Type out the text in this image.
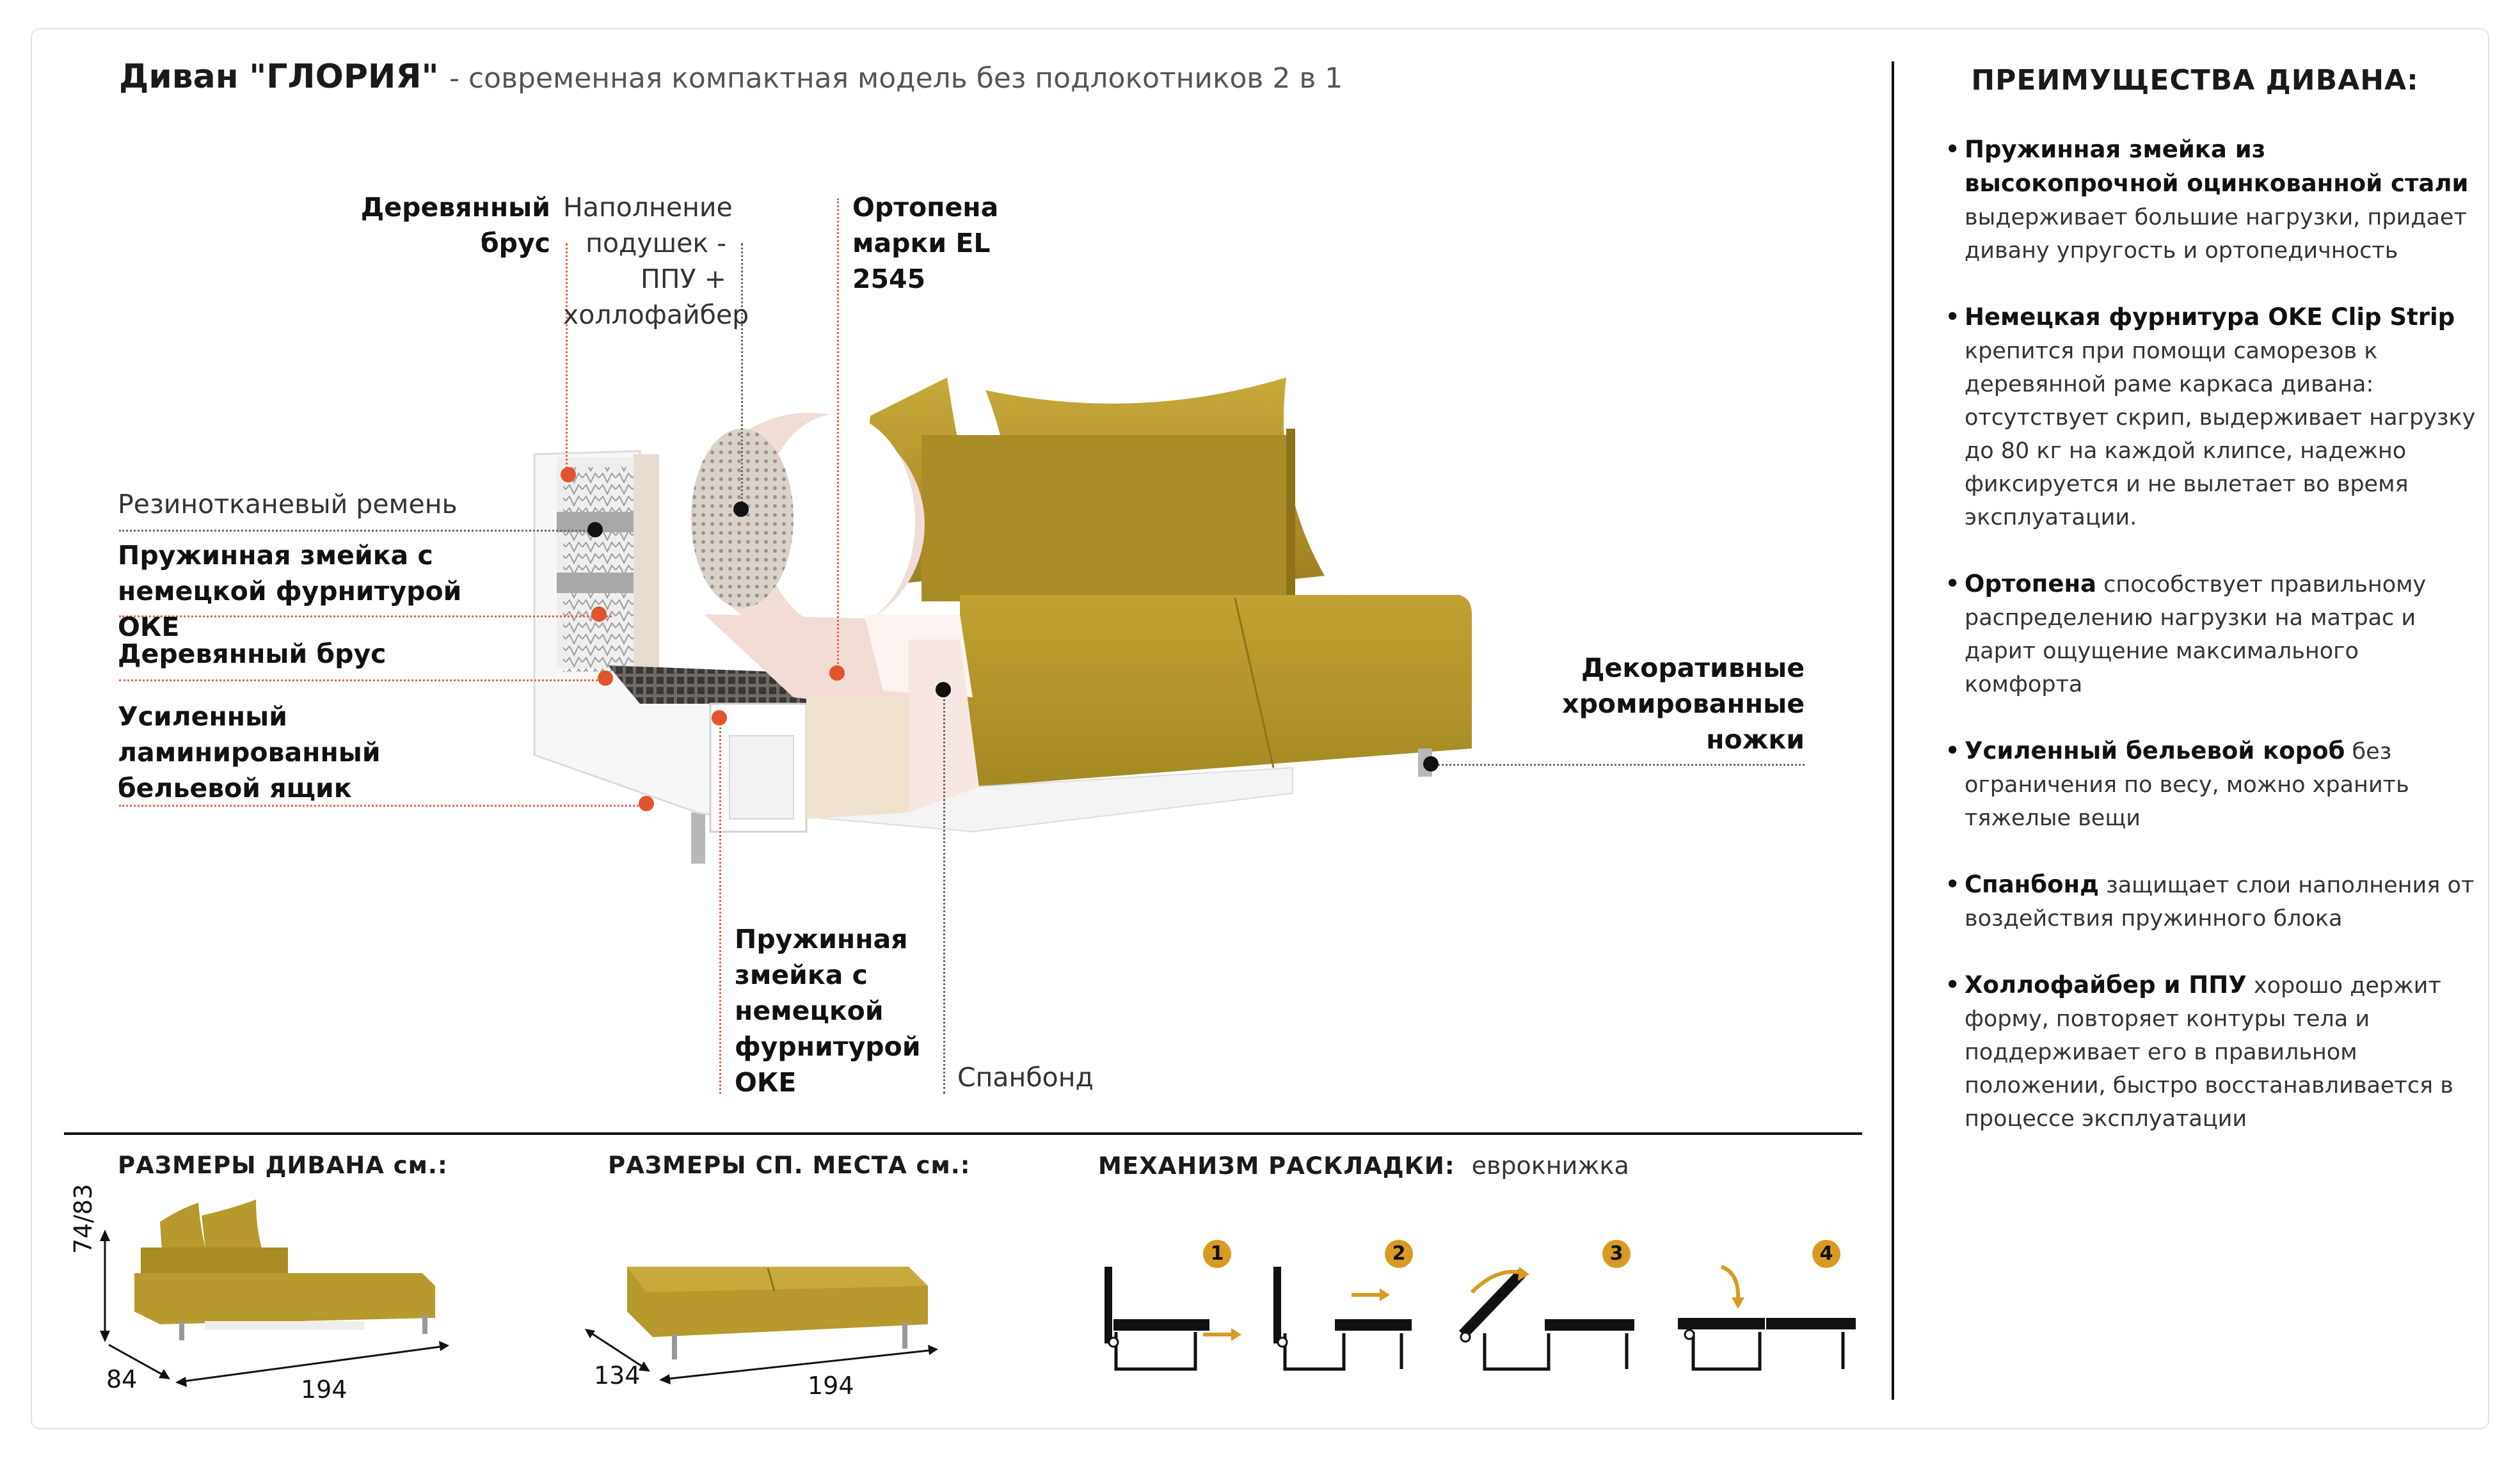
Диван "ГЛОРИЯ" - современная компактная модель без подлокотников 2 в 1
Деревянный брус
Наполнение подушек - ППУ + холлофайбер
Ортопена марки EL 2545
Резинотканевый ремень
Пружинная змейка с немецкой фурнитурой ОКЕ
Деревянный брус
Усиленный ламинированный бельевой ящик
Декоративные хромированные ножки
Пружинная змейка с немецкой фурнитурой ОКЕ	Спанбонд
ПРЕИМУЩЕСТВА ДИВАНА:
• Пружинная змейка из высокопрочной оцинкованной стали
выдерживает большие нагрузки, придает дивану упругость и ортопедичность
• Немецкая фурнитура OKE Clip Strip
крепится при помощи саморезов к деревянной раме каркаса дивана: отсутствует скрип, выдерживает нагрузку до 80 кг на каждой клипсе, надежно фиксируется и не вылетает во время эксплуатации.
• Ортопена способствует правильному распределению нагрузки на матрас и дарит ощущение максимального комфорта
• Усиленный бельевой короб без ограничения по весу, можно хранить тяжелые вещи
• Спанбонд защищает слои наполнения от воздействия пружинного блока
• Холлофайбер и ППУ хорошо держит форму, повторяет контуры тела и поддерживает его в правильном положении, быстро восстанавливается в процессе эксплуатации
РАЗМЕРЫ ДИВАНА см.:	РАЗМЕРЫ СП. МЕСТА см.:	МЕХАНИЗМ РАСКЛАДКИ: еврокнижка
74/83
84	194	134	194
1	2	3	4
